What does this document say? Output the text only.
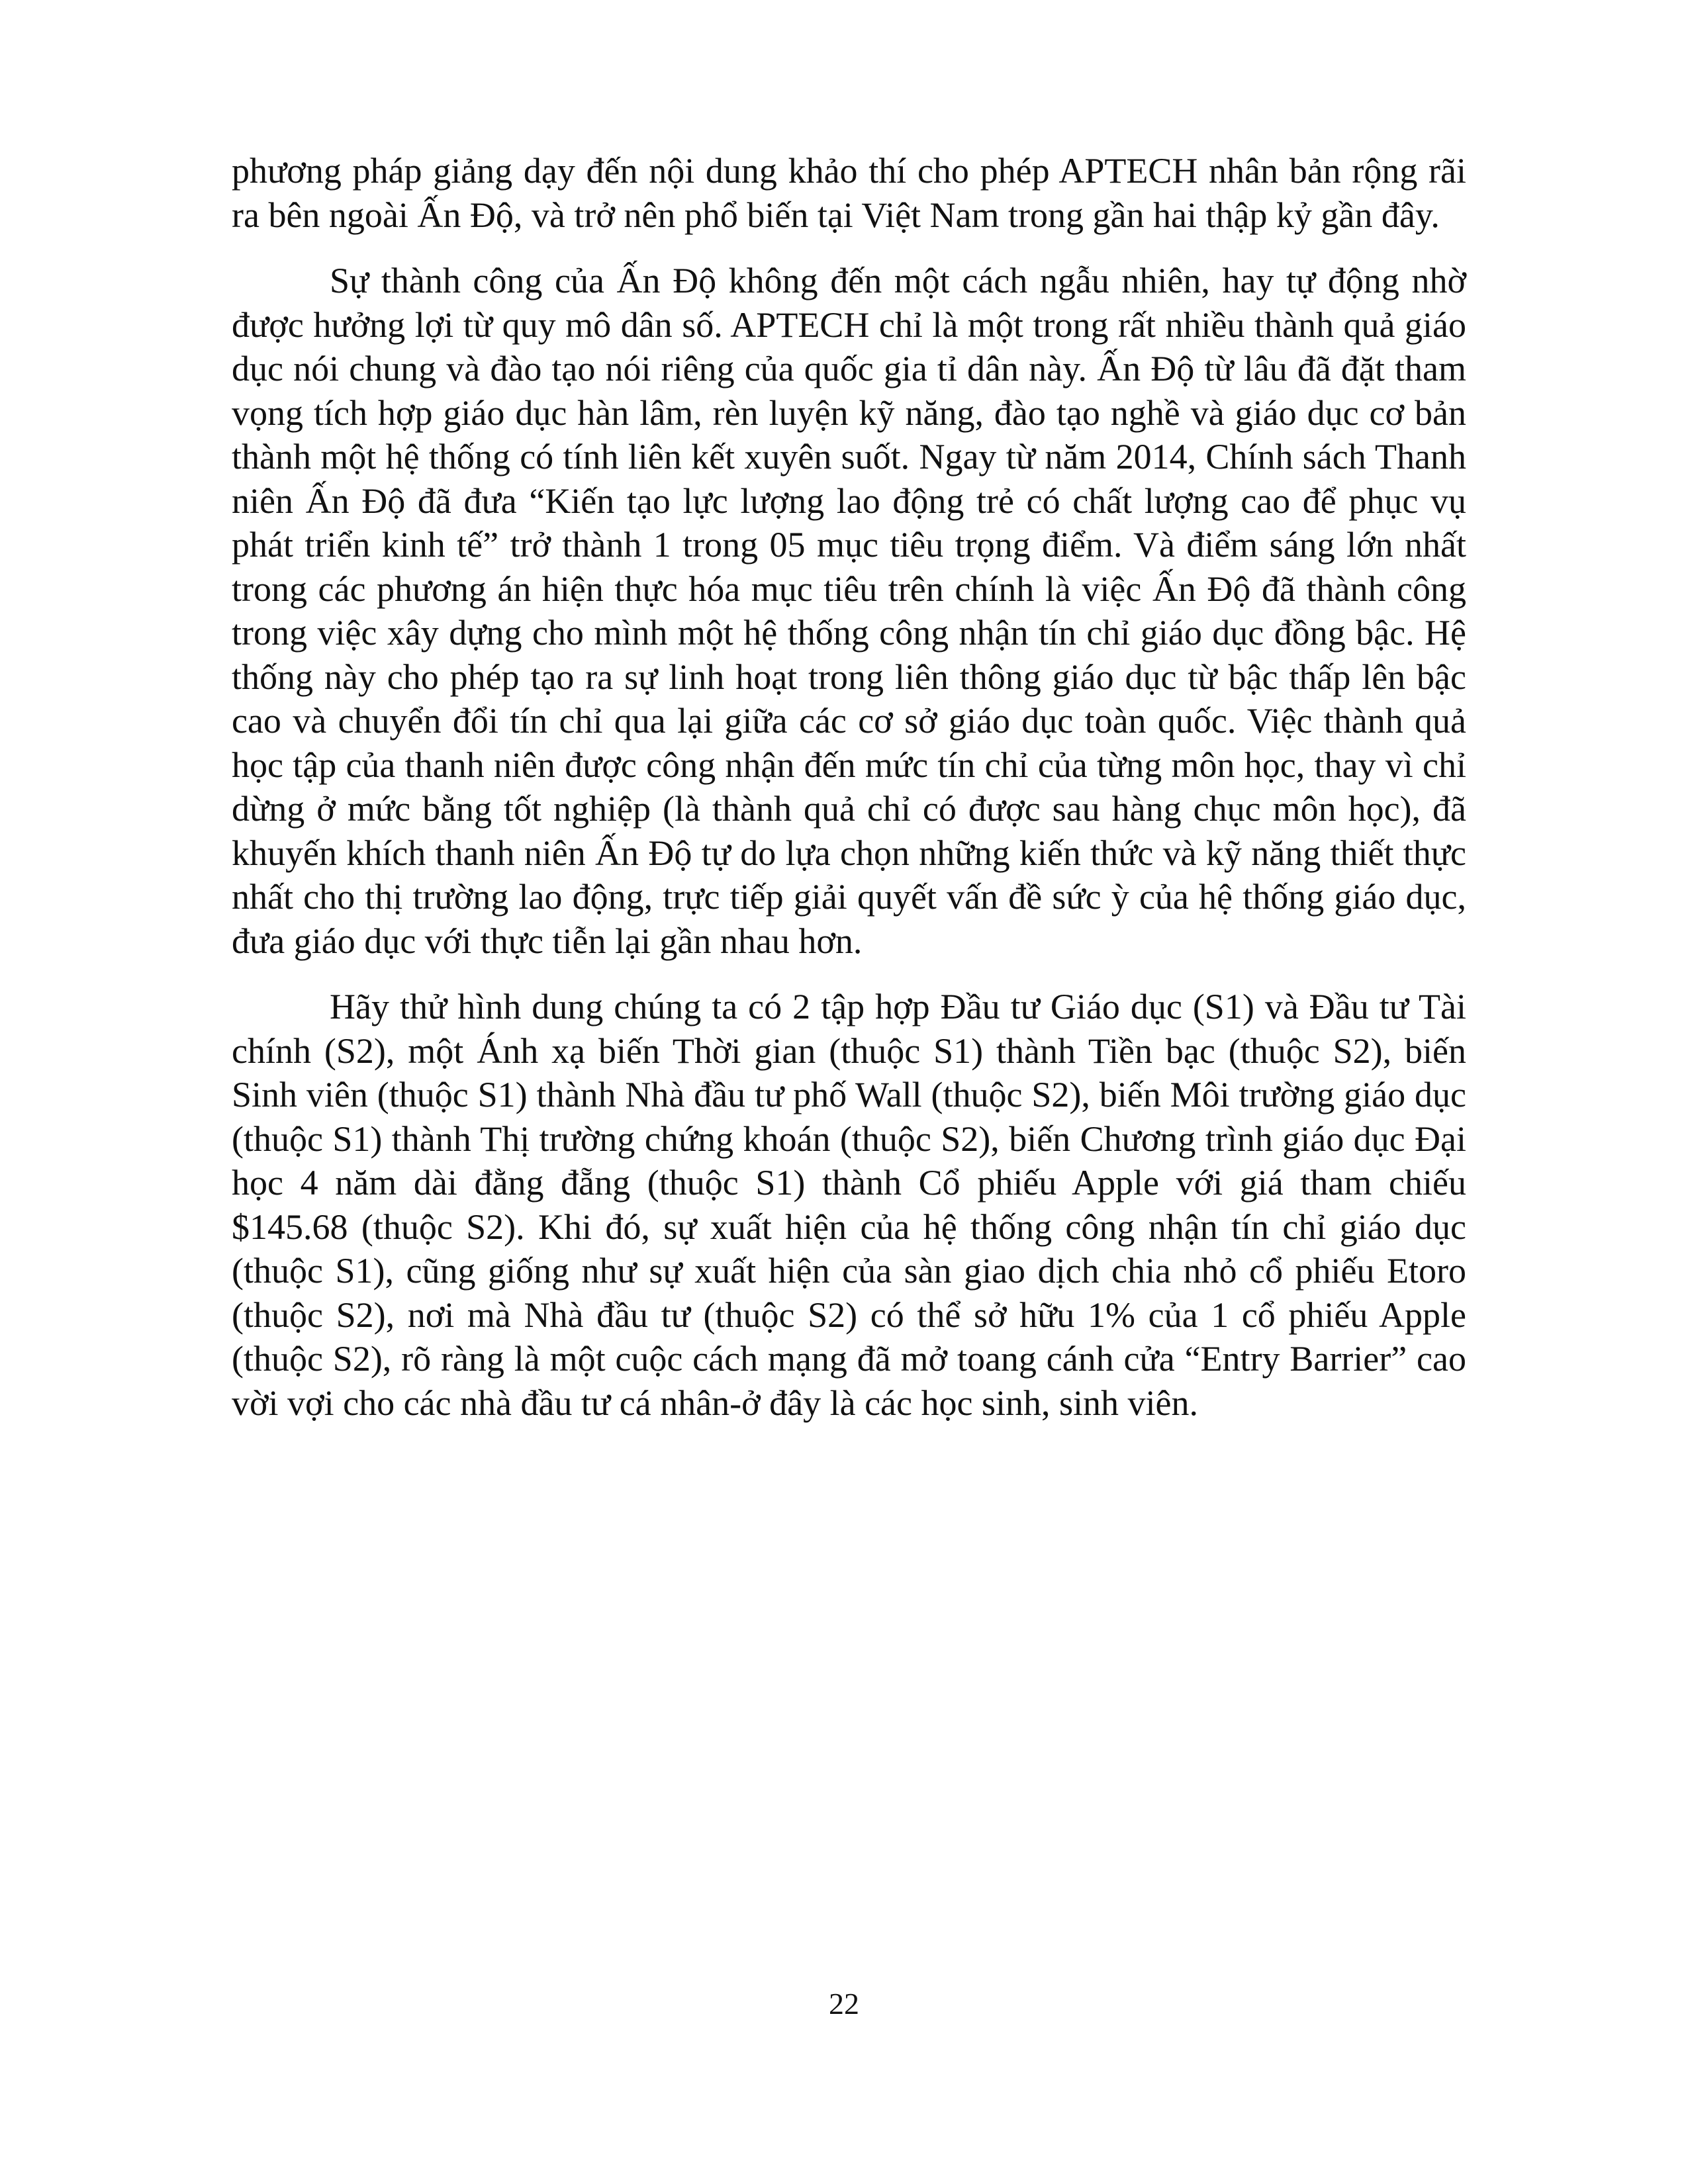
phương pháp giảng dạy đến nội dung khảo thí cho phép APTECH nhân bản rộng rãi ra bên ngoài Ấn Độ, và trở nên phổ biến tại Việt Nam trong gần hai thập kỷ gần đây.

Sự thành công của Ấn Độ không đến một cách ngẫu nhiên, hay tự động nhờ được hưởng lợi từ quy mô dân số. APTECH chỉ là một trong rất nhiều thành quả giáo dục nói chung và đào tạo nói riêng của quốc gia tỉ dân này. Ấn Độ từ lâu đã đặt tham vọng tích hợp giáo dục hàn lâm, rèn luyện kỹ năng, đào tạo nghề và giáo dục cơ bản thành một hệ thống có tính liên kết xuyên suốt. Ngay từ năm 2014, Chính sách Thanh niên Ấn Độ đã đưa “Kiến tạo lực lượng lao động trẻ có chất lượng cao để phục vụ phát triển kinh tế” trở thành 1 trong 05 mục tiêu trọng điểm. Và điểm sáng lớn nhất trong các phương án hiện thực hóa mục tiêu trên chính là việc Ấn Độ đã thành công trong việc xây dựng cho mình một hệ thống công nhận tín chỉ giáo dục đồng bậc. Hệ thống này cho phép tạo ra sự linh hoạt trong liên thông giáo dục từ bậc thấp lên bậc cao và chuyển đổi tín chỉ qua lại giữa các cơ sở giáo dục toàn quốc. Việc thành quả học tập của thanh niên được công nhận đến mức tín chỉ của từng môn học, thay vì chỉ dừng ở mức bằng tốt nghiệp (là thành quả chỉ có được sau hàng chục môn học), đã khuyến khích thanh niên Ấn Độ tự do lựa chọn những kiến thức và kỹ năng thiết thực nhất cho thị trường lao động, trực tiếp giải quyết vấn đề sức ỳ của hệ thống giáo dục, đưa giáo dục với thực tiễn lại gần nhau hơn.

Hãy thử hình dung chúng ta có 2 tập hợp Đầu tư Giáo dục (S1) và Đầu tư Tài chính (S2), một Ánh xạ biến Thời gian (thuộc S1) thành Tiền bạc (thuộc S2), biến Sinh viên (thuộc S1) thành Nhà đầu tư phố Wall (thuộc S2), biến Môi trường giáo dục (thuộc S1) thành Thị trường chứng khoán (thuộc S2), biến Chương trình giáo dục Đại học 4 năm dài đằng đẵng (thuộc S1) thành Cổ phiếu Apple với giá tham chiếu $145.68 (thuộc S2). Khi đó, sự xuất hiện của hệ thống công nhận tín chỉ giáo dục (thuộc S1), cũng giống như sự xuất hiện của sàn giao dịch chia nhỏ cổ phiếu Etoro (thuộc S2), nơi mà Nhà đầu tư (thuộc S2) có thể sở hữu 1% của 1 cổ phiếu Apple (thuộc S2), rõ ràng là một cuộc cách mạng đã mở toang cánh cửa “Entry Barrier” cao vời vợi cho các nhà đầu tư cá nhân-ở đây là các học sinh, sinh viên.

22
